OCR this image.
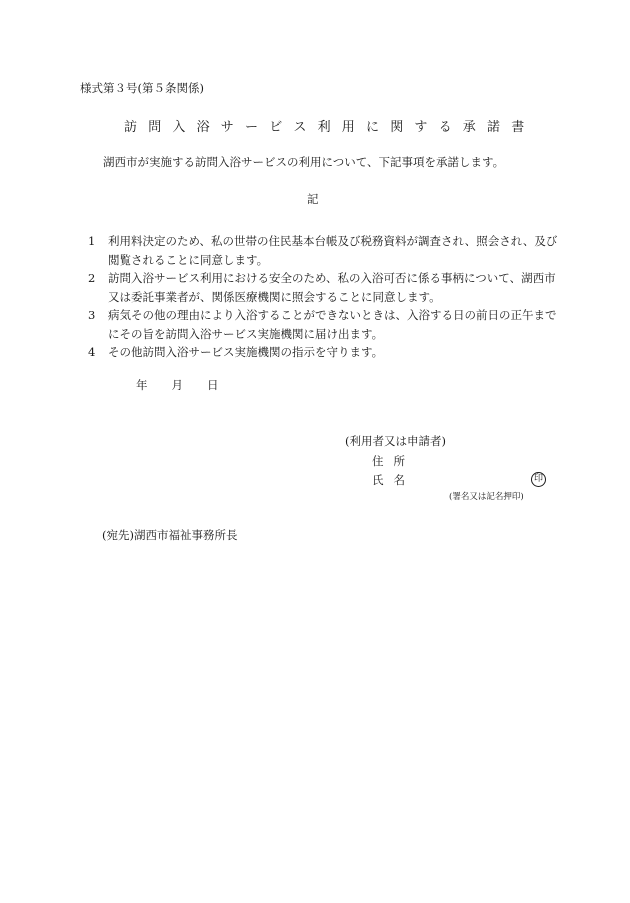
様式第３号(第５条関係)
訪問入浴サービス利用に関する承諾書
湖西市が実施する訪問入浴サービスの利用について、下記事項を承諾します。
記
1	利用料決定のため、私の世帯の住民基本台帳及び税務資料が調査され、照会され、及び閲覧されることに同意します。
2	訪問入浴サービス利用における安全のため、私の入浴可否に係る事柄について、湖西市又は委託事業者が、関係医療機関に照会することに同意します。
3	病気その他の理由により入浴することができないときは、入浴する日の前日の正午までにその旨を訪問入浴サービス実施機関に届け出ます。
4	その他訪問入浴サービス実施機関の指示を守ります。
年 月 日
(利用者又は申請者)
住所
氏名	印
(署名又は記名押印)
(宛先)湖西市福祉事務所長
